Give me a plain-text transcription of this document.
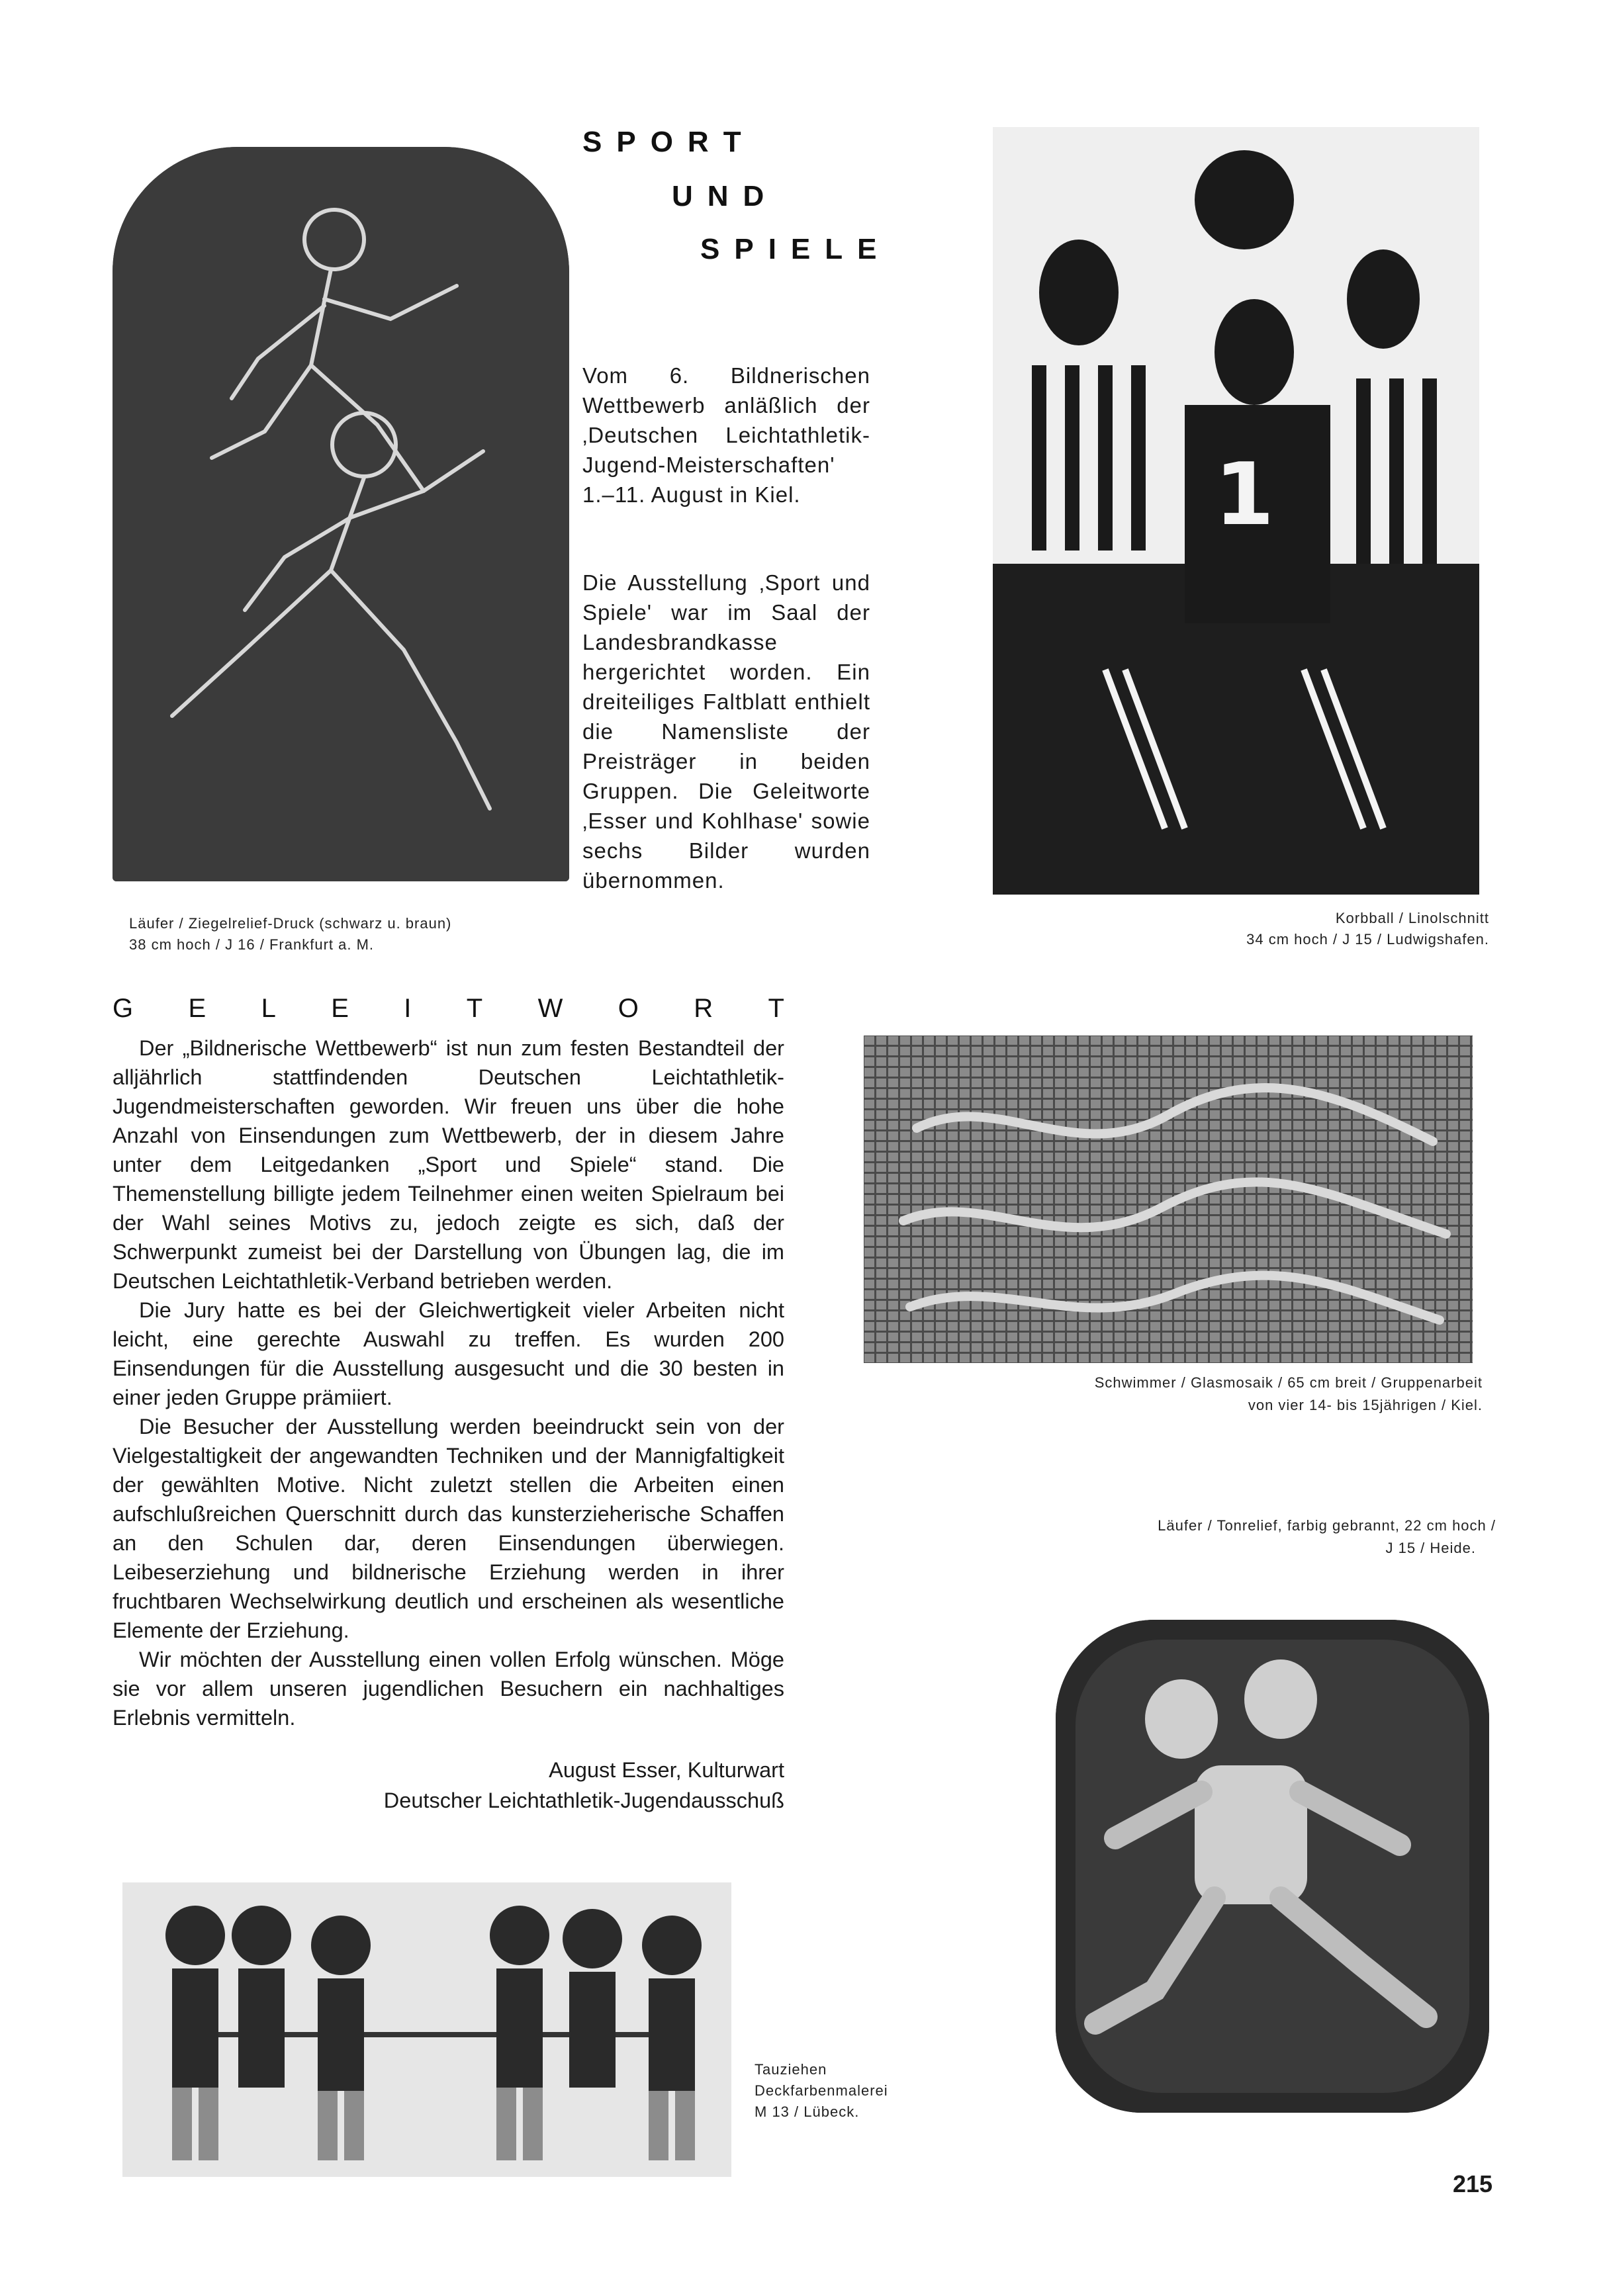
SPORT
UND
SPIELE

Vom 6. Bildnerischen Wettbewerb anläßlich der ‚Deutschen Leichtathletik-Jugend-Meisterschaften' 1.–11. August in Kiel.

Die Ausstellung ‚Sport und Spiele' war im Saal der Landesbrandkasse hergerichtet worden. Ein dreiteiliges Faltblatt enthielt die Namensliste der Preisträger in beiden Gruppen. Die Geleitworte ‚Esser und Kohlhase' sowie sechs Bilder wurden übernommen.

Läufer / Ziegelrelief-Druck (schwarz u. braun)
38 cm hoch / J 16 / Frankfurt a. M.
1
Korbball / Linolschnitt
34 cm hoch / J 15 / Ludwigshafen.
G E L E I T W O R T

Der „Bildnerische Wettbewerb“ ist nun zum festen Bestandteil der alljährlich stattfindenden Deutschen Leichtathletik-Jugendmeisterschaften geworden. Wir freuen uns über die hohe Anzahl von Einsendungen zum Wettbewerb, der in diesem Jahre unter dem Leitgedanken „Sport und Spiele“ stand. Die Themenstellung billigte jedem Teilnehmer einen weiten Spielraum bei der Wahl seines Motivs zu, jedoch zeigte es sich, daß der Schwerpunkt zumeist bei der Darstellung von Übungen lag, die im Deutschen Leichtathletik-Verband betrieben werden.

Die Jury hatte es bei der Gleichwertigkeit vieler Arbeiten nicht leicht, eine gerechte Auswahl zu treffen. Es wurden 200 Einsendungen für die Ausstellung ausgesucht und die 30 besten in einer jeden Gruppe prämiiert.

Die Besucher der Ausstellung werden beeindruckt sein von der Vielgestaltigkeit der angewandten Techniken und der Mannigfaltigkeit der gewählten Motive. Nicht zuletzt stellen die Arbeiten einen aufschlußreichen Querschnitt durch das kunsterzieherische Schaffen an den Schulen dar, deren Einsendungen überwiegen. Leibeserziehung und bildnerische Erziehung werden in ihrer fruchtbaren Wechselwirkung deutlich und erscheinen als wesentliche Elemente der Erziehung.

Wir möchten der Ausstellung einen vollen Erfolg wünschen. Möge sie vor allem unseren jugendlichen Besuchern ein nachhaltiges Erlebnis vermitteln.

August Esser, Kulturwart
Deutscher Leichtathletik-Jugendausschuß
Schwimmer / Glasmosaik / 65 cm breit / Gruppenarbeit
von vier 14- bis 15jährigen / Kiel.
Läufer / Tonrelief, farbig gebrannt, 22 cm hoch /
J 15 / Heide.
Tauziehen
Deckfarbenmalerei
M 13 / Lübeck.
215
